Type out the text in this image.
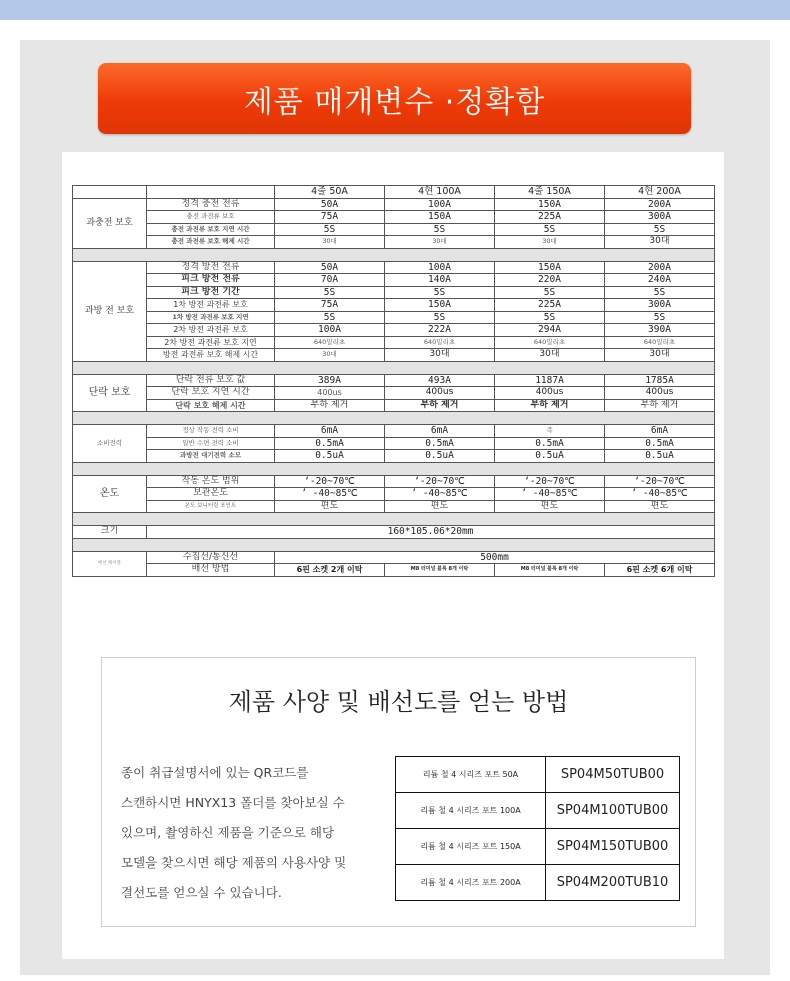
제품 매개변수 ·정확함
		4줄 50A	4현 100A	4줄 150A	4현 200A
과충전 보호	정격 충전 전류	50A	100A	150A	200A
	충전 과전류 보호	75A	150A	225A	300A
	충전 과전류 보호 지연 시간	5S	5S	5S	5S
	충전 과전류 보호 해제 시간	30대	30대	30대	30대

과방 전 보호	정격 방전 전류	50A	100A	150A	200A
	피크 방전 전류	70A	140A	220A	240A
	피크 방전 기간	5S	5S	5S	5S
	1차 방전 과전류 보호	75A	150A	225A	300A
	1차 방전 과전류 보호 지연	5S	5S	5S	5S
	2차 방전 과전류 보호	100A	222A	294A	390A
	2차 방전 과전류 보호 지연	640밀리초	640밀리초	640밀리초	640밀리초
	방전 과전류 보호 해제 시간	30대	30대	30대	30대

단락 보호	단락 전류 보호 값	389A	493A	1187A	1785A
	단락 보호 지연 시간	400us	400us	400us	400us
	단락 보호 해제 시간	부하 제거	부하 제거	부하 제거	부하 제거

소비전력	정상 작동 전력 소비	6mA	6mA	즉	6mA
	일반 수면 전력 소비	0.5mA	0.5mA	0.5mA	0.5mA
	과방전 대기전력 소모	0.5uA	0.5uA	0.5uA	0.5uA

온도	작동 온도 범위	‘-20~70℃	‘-20~70℃	‘-20~70℃	‘-20~70℃
	보관온도	’ -40~85℃	’ -40~85℃	’ -40~85℃	’ -40~85℃
	온도 보니터링 포인트	편도	편도	편도	편도

크기	160*105.06*20mm				

배선 케이블	수집선/통신선	500mm			
	배선 방법	6핀 소켓 2개 이탁	M8 터미널 블록 8개 이탁	M8 터미널 블록 8개 이탁	6핀 소켓 6개 이탁
제품 사양 및 배선도를 얻는 방법

종이 취급설명서에 있는 QR코드를

스캔하시면 HNYX13 폴더를 찾아보실 수

있으며, 촬영하신 제품을 기준으로 해당

모델을 찾으시면 해당 제품의 사용사양 및

결선도를 얻으실 수 있습니다.

리튬 철 4 시리즈 포트 50A	SP04M50TUB00
리튬 철 4 시리즈 포트 100A	SP04M100TUB00
리튬 철 4 시리즈 포트 150A	SP04M150TUB00
리튬 철 4 시리즈 포트 200A	SP04M200TUB10
